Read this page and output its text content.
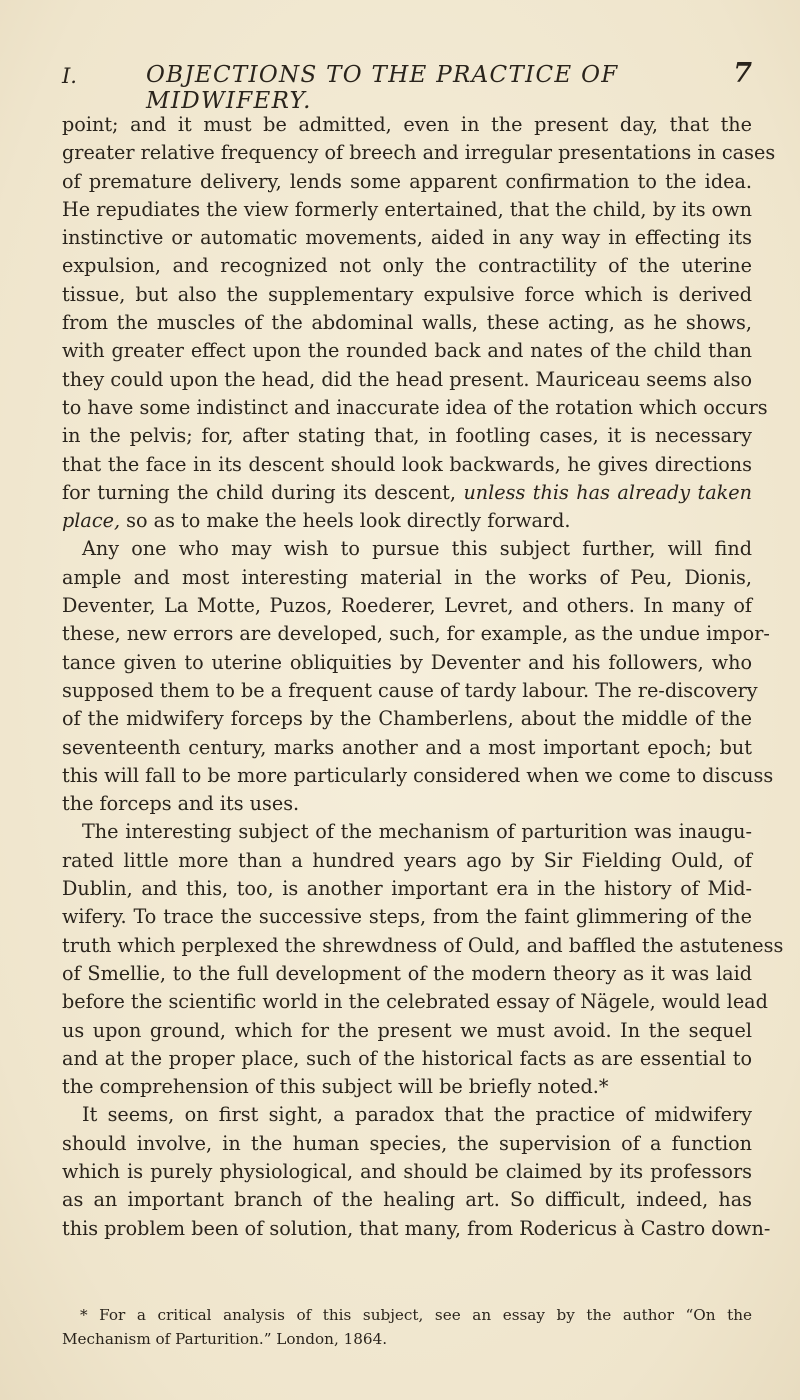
I.	OBJECTIONS TO THE PRACTICE OF MIDWIFERY.
7
point; and it must be admitted, even in the present day, that the
greater relative frequency of breech and irregular presentations in cases
of premature delivery, lends some apparent confirmation to the idea.
He repudiates the view formerly entertained, that the child, by its own
instinctive or automatic movements, aided in any way in effecting its
expulsion, and recognized not only the contractility of the uterine
tissue, but also the supplementary expulsive force which is derived
from the muscles of the abdominal walls, these acting, as he shows,
with greater effect upon the rounded back and nates of the child than
they could upon the head, did the head present. Mauriceau seems also
to have some indistinct and inaccurate idea of the rotation which occurs
in the pelvis; for, after stating that, in footling cases, it is necessary
that the face in its descent should look backwards, he gives directions
for turning the child during its descent, unless this has already taken
place, so as to make the heels look directly forward.
Any one who may wish to pursue this subject further, will find
ample and most interesting material in the works of Peu, Dionis,
Deventer, La Motte, Puzos, Roederer, Levret, and others. In many of
these, new errors are developed, such, for example, as the undue impor-
tance given to uterine obliquities by Deventer and his followers, who
supposed them to be a frequent cause of tardy labour. The re-discovery
of the midwifery forceps by the Chamberlens, about the middle of the
seventeenth century, marks another and a most important epoch; but
this will fall to be more particularly considered when we come to discuss
the forceps and its uses.
The interesting subject of the mechanism of parturition was inaugu-
rated little more than a hundred years ago by Sir Fielding Ould, of
Dublin, and this, too, is another important era in the history of Mid-
wifery. To trace the successive steps, from the faint glimmering of the
truth which perplexed the shrewdness of Ould, and baffled the astuteness
of Smellie, to the full development of the modern theory as it was laid
before the scientific world in the celebrated essay of Nägele, would lead
us upon ground, which for the present we must avoid. In the sequel
and at the proper place, such of the historical facts as are essential to
the comprehension of this subject will be briefly noted.*
It seems, on first sight, a paradox that the practice of midwifery
should involve, in the human species, the supervision of a function
which is purely physiological, and should be claimed by its professors
as an important branch of the healing art. So difficult, indeed, has
this problem been of solution, that many, from Rodericus à Castro down-
* For a critical analysis of this subject, see an essay by the author “On the
Mechanism of Parturition.” London, 1864.
